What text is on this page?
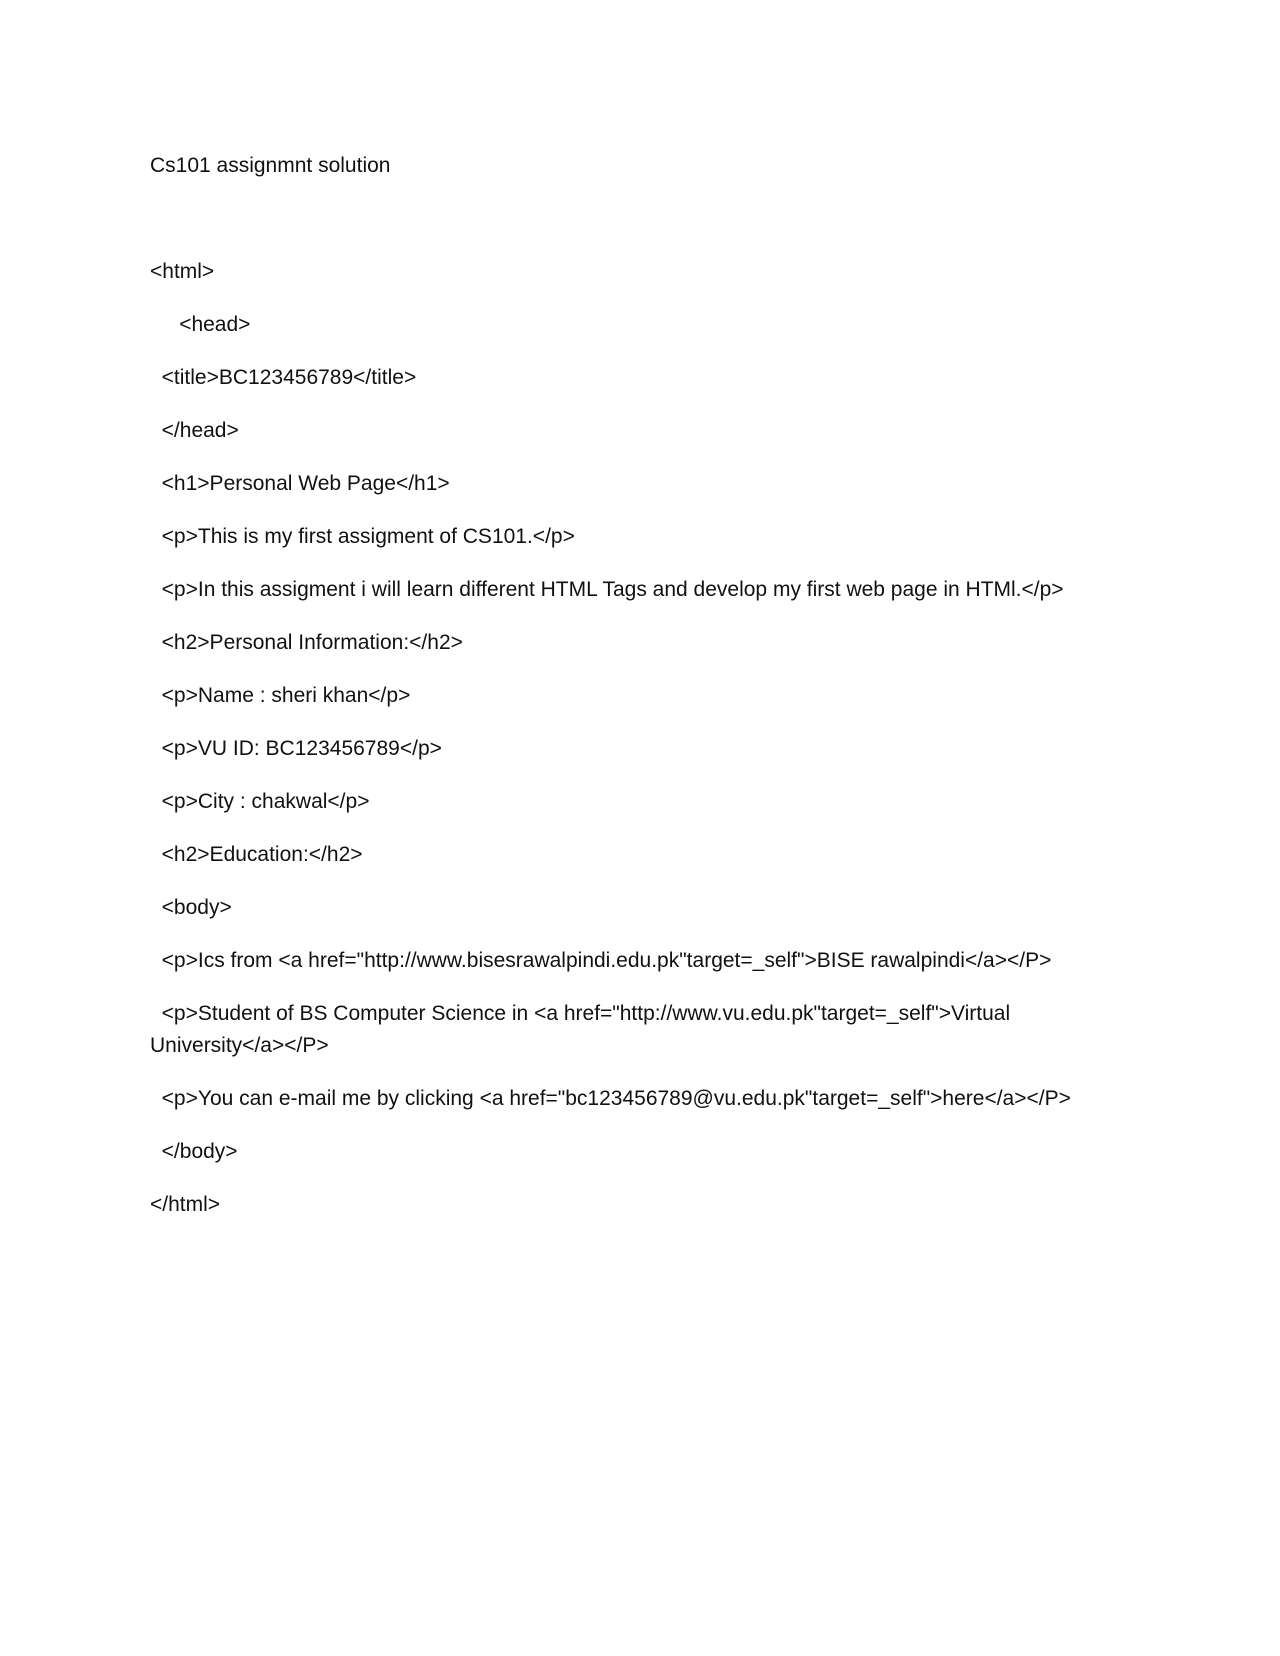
Cs101 assignmnt solution

<html>

<head>

<title>BC123456789</title>

</head>

<h1>Personal Web Page</h1>

<p>This is my first assigment of CS101.</p>

<p>In this assigment i will learn different HTML Tags and develop my first web page in HTMl.</p>

<h2>Personal Information:</h2>

<p>Name : sheri khan</p>

<p>VU ID: BC123456789</p>

<p>City : chakwal</p>

<h2>Education:</h2>

<body>

<p>Ics from <a href="http://www.bisesrawalpindi.edu.pk"target=_self">BISE rawalpindi</a></P>

<p>Student of BS Computer Science in <a href="http://www.vu.edu.pk"target=_self">Virtual University</a></P>

<p>You can e-mail me by clicking <a href="bc123456789@vu.edu.pk"target=_self">here</a></P>

</body>

</html>
